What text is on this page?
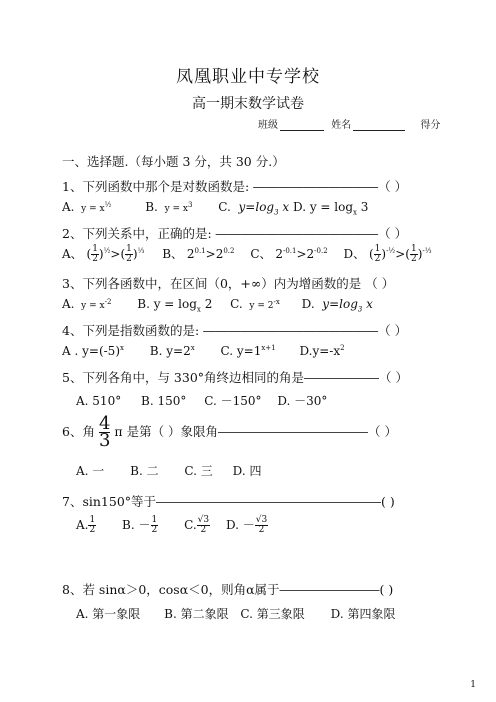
凤凰职业中专学校
高一期末数学试卷
班级	姓名	得分
一、选择题.（每小题 3 分，共 30 分.）
1、下列函数中那个是对数函数是: ――――――――――（ ）
A.  $y = x^{\frac{1}{2}}$	B.  $y = x^3$ C.  $y=\log_3$ x D. $y = \log_x 3$
2、下列关系中，正确的是: ―――――――――――――（ ）
A、 ( $\frac{1}{2} )^{\frac{1}{2}}>( \frac{1}{2} )^{\frac{1}{3}}$ B、 $2^{0.1}>2^{0.2}$ C、 $2^{-0.1}>2^{-0.2}$ D、 ( $\frac{1}{2} )^{-\frac{1}{2}}>( \frac{1}{2} )^{-\frac{1}{3}}$
3、下列各函数中，在区间（0，+∞）内为增函数的是 （ ）
A.  $y = x^{-2}$ B. $y = \log_x 2$ C.  $y = 2^{-x}$ D.  $y=\log_3$ x
4、下列是指数函数的是: ――――――――――――――（ ）
A . $y=(-5)^x$ B. $y=2^x$ C. $y=1^{x+1}$ $D.y=-x^2$
5、下列各角中，与 330°角终边相同的角是――――――（ ）
A. 510° B. 150° C. －150° D. －30°
6、角 $\frac{4}{3}$ π 是第（ ）象限角――――――――――――（ ）
A. 一 B. 二 C. 三 D. 四
7、sin150°等于――――――――――――――――――( )
A. $\frac{1}{2} B$. － $\frac{1}{2} C$. $\frac{√3}{2} D$. － $\frac{√3}{2}$
8、若 sinα＞0，cosα＜0，则角α属于――――――――( )
A. 第一象限 B. 第二象限 C. 第三象限 D. 第四象限
1
